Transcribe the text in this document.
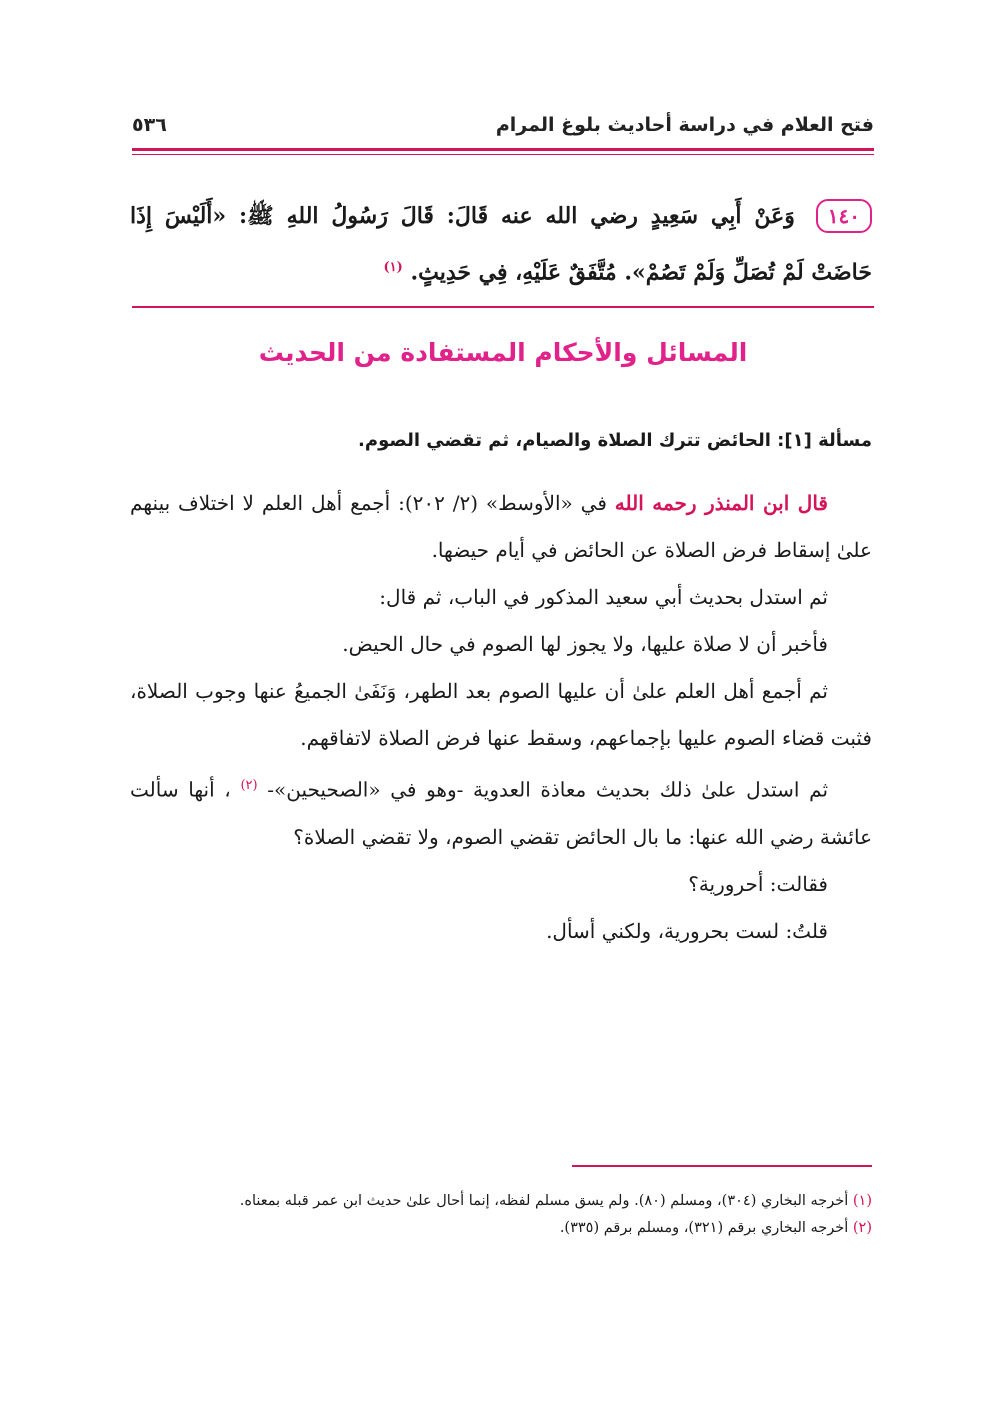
فتح العلام في دراسة أحاديث بلوغ المرام
٥٣٦
١٤٠ وَعَنْ أَبِي سَعِيدٍ رضي الله عنه قَالَ: قَالَ رَسُولُ اللهِ ﷺ: «أَلَيْسَ إِذَا حَاضَتْ لَمْ تُصَلِّ وَلَمْ تَصُمْ». مُتَّفَقٌ عَلَيْهِ، فِي حَدِيثٍ. $^{(١)}$
المسائل والأحكام المستفادة من الحديث
مسألة [١]: الحائض تترك الصلاة والصيام، ثم تقضي الصوم.

قال ابن المنذر رحمه الله في «الأوسط» (٢/ ٢٠٢): أجمع أهل العلم لا اختلاف بينهم علىٰ إسقاط فرض الصلاة عن الحائض في أيام حيضها.

ثم استدل بحديث أبي سعيد المذكور في الباب، ثم قال:

فأخبر أن لا صلاة عليها، ولا يجوز لها الصوم في حال الحيض.

ثم أجمع أهل العلم علىٰ أن عليها الصوم بعد الطهر، وَنَفَىٰ الجميعُ عنها وجوب الصلاة، فثبت قضاء الصوم عليها بإجماعهم، وسقط عنها فرض الصلاة لاتفاقهم.

ثم استدل علىٰ ذلك بحديث معاذة العدوية -وهو في «الصحيحين»- $^{(٢)}$ ، أنها سألت عائشة رضي الله عنها: ما بال الحائض تقضي الصوم، ولا تقضي الصلاة؟

فقالت: أحرورية؟

قلتُ: لست بحرورية، ولكني أسأل.

(١) أخرجه البخاري (٣٠٤)، ومسلم (٨٠). ولم يسق مسلم لفظه، إنما أحال علىٰ حديث ابن عمر قبله بمعناه.
(٢) أخرجه البخاري برقم (٣٢١)، ومسلم برقم (٣٣٥).
